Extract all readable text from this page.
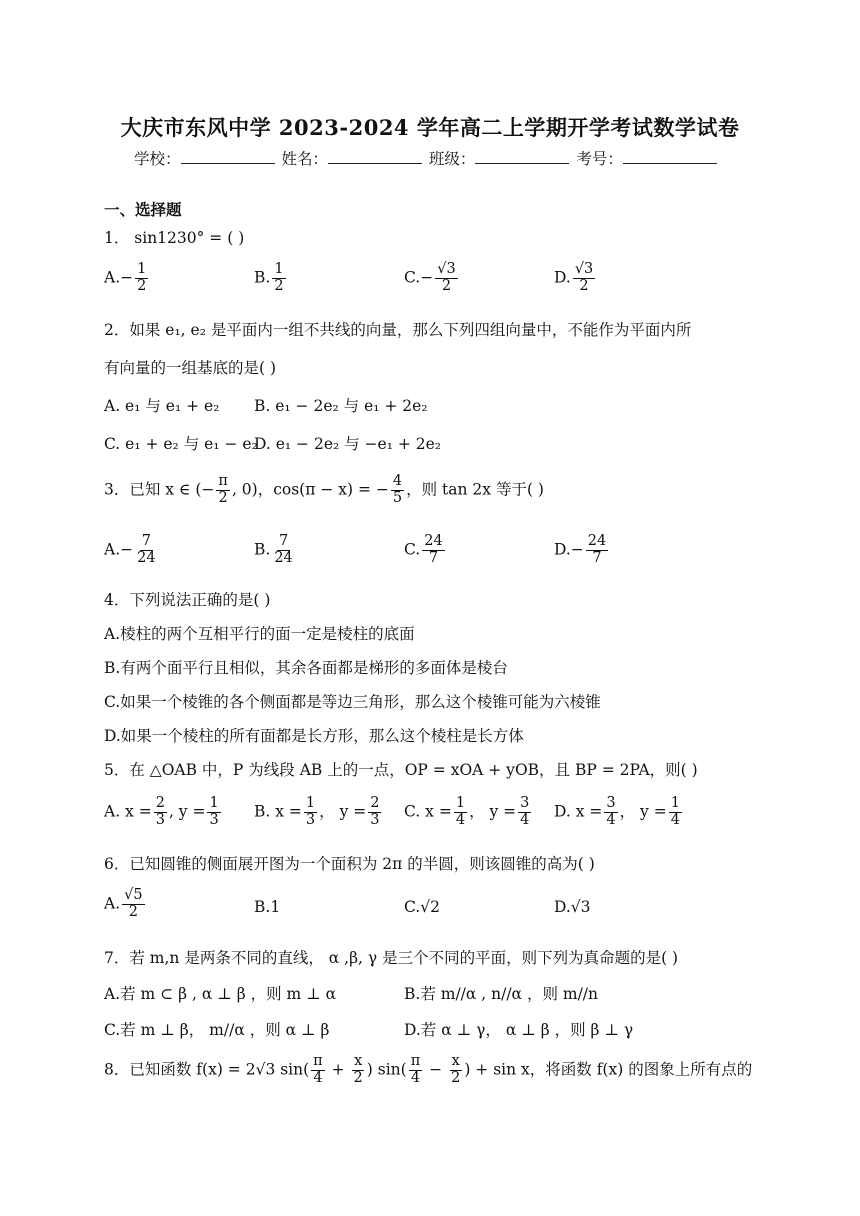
大庆市东风中学 2023-2024 学年高二上学期开学考试数学试卷
学校：	姓名：	班级：	考号：
一、选择题
1． sin1230° = ( )
$A.- \frac{1}{2}$	B. $\frac{1}{2}$	$C.- \frac{√3}{2}$	D. $\frac{√3}{2}$
2．如果 e₁, e₂ 是平面内一组不共线的向量，那么下列四组向量中，不能作为平面内所
有向量的一组基底的是( )
A. e₁ 与 e₁ + e₂ B. e₁ − 2e₂ 与 e₁ + 2e₂
C. e₁ + e₂ 与 e₁ − e₂
D. e₁ − 2e₂ 与 −e₁ + 2e₂
3．已知 x ∈ (− $\frac{\pi}{2}$ , 0)，cos(π − x) = − $\frac{4}{5}$ ，则 tan 2x 等于( )
$A.- \frac{7}{24}$	B. $\frac{7}{24}$	C. $\frac{24}{7}$	$D.- \frac{24}{7}$
4．下列说法正确的是( )
A.棱柱的两个互相平行的面一定是棱柱的底面
B.有两个面平行且相似，其余各面都是梯形的多面体是棱台
C.如果一个棱锥的各个侧面都是等边三角形，那么这个棱锥可能为六棱锥
D.如果一个棱柱的所有面都是长方形，那么这个棱柱是长方体
5．在 △OAB 中，P 为线段 AB 上的一点，OP = xOA + yOB，且 BP = 2PA，则( )
A. $x = \frac{2}{3}$ , $y = \frac{1}{3} B$. $x = \frac{1}{3}$ ， $y = \frac{2}{3} C$. $x = \frac{1}{4}$ ， $y = \frac{3}{4} D$. $x = \frac{3}{4}$ ， $y = \frac{1}{4}$
6．已知圆锥的侧面展开图为一个面积为 2π 的半圆，则该圆锥的高为( )
A. $\frac{√5}{2}$	B.1	C.√2	D.√3
7．若 m,n 是两条不同的直线， α ,β, γ 是三个不同的平面，则下列为真命题的是( )
A.若 m ⊂ β , α ⊥ β ，则 m ⊥ α	B.若 m//α , n//α ，则 m//n
C.若 m ⊥ β， m//α ，则 α ⊥ β	D.若 α ⊥ γ， α ⊥ β ，则 β ⊥ γ
8．已知函数 f(x) = 2√3 $\sin( \frac{\pi}{4} + \frac{x}{2}$ ) $\sin( \frac{\pi}{4} - \frac{x}{2}$ ) + sin x，将函数 f(x) 的图象上所有点的
